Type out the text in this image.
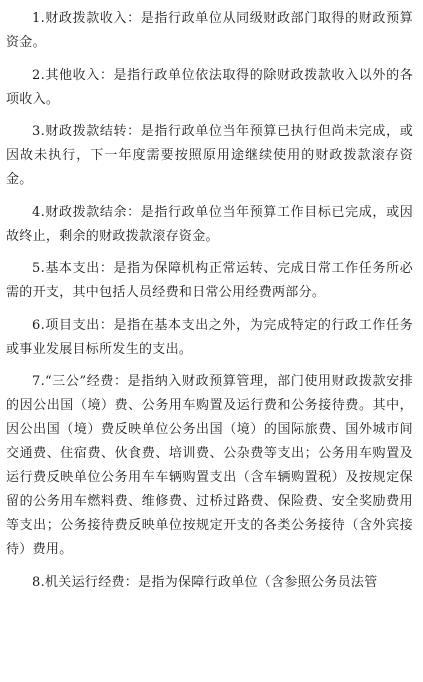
1.财政拨款收入：是指行政单位从同级财政部门取得的财政预算资金。

2.其他收入：是指行政单位依法取得的除财政拨款收入以外的各项收入。

3.财政拨款结转：是指行政单位当年预算已执行但尚未完成，或因故未执行，下一年度需要按照原用途继续使用的财政拨款滚存资金。

4.财政拨款结余：是指行政单位当年预算工作目标已完成，或因故终止，剩余的财政拨款滚存资金。

5.基本支出：是指为保障机构正常运转、完成日常工作任务所必需的开支，其中包括人员经费和日常公用经费两部分。

6.项目支出：是指在基本支出之外，为完成特定的行政工作任务或事业发展目标所发生的支出。

7.“三公”经费：是指纳入财政预算管理，部门使用财政拨款安排的因公出国（境）费、公务用车购置及运行费和公务接待费。其中，因公出国（境）费反映单位公务出国（境）的国际旅费、国外城市间交通费、住宿费、伙食费、培训费、公杂费等支出；公务用车购置及运行费反映单位公务用车车辆购置支出（含车辆购置税）及按规定保留的公务用车燃料费、维修费、过桥过路费、保险费、安全奖励费用等支出；公务接待费反映单位按规定开支的各类公务接待（含外宾接待）费用。

8.机关运行经费：是指为保障行政单位（含参照公务员法管
